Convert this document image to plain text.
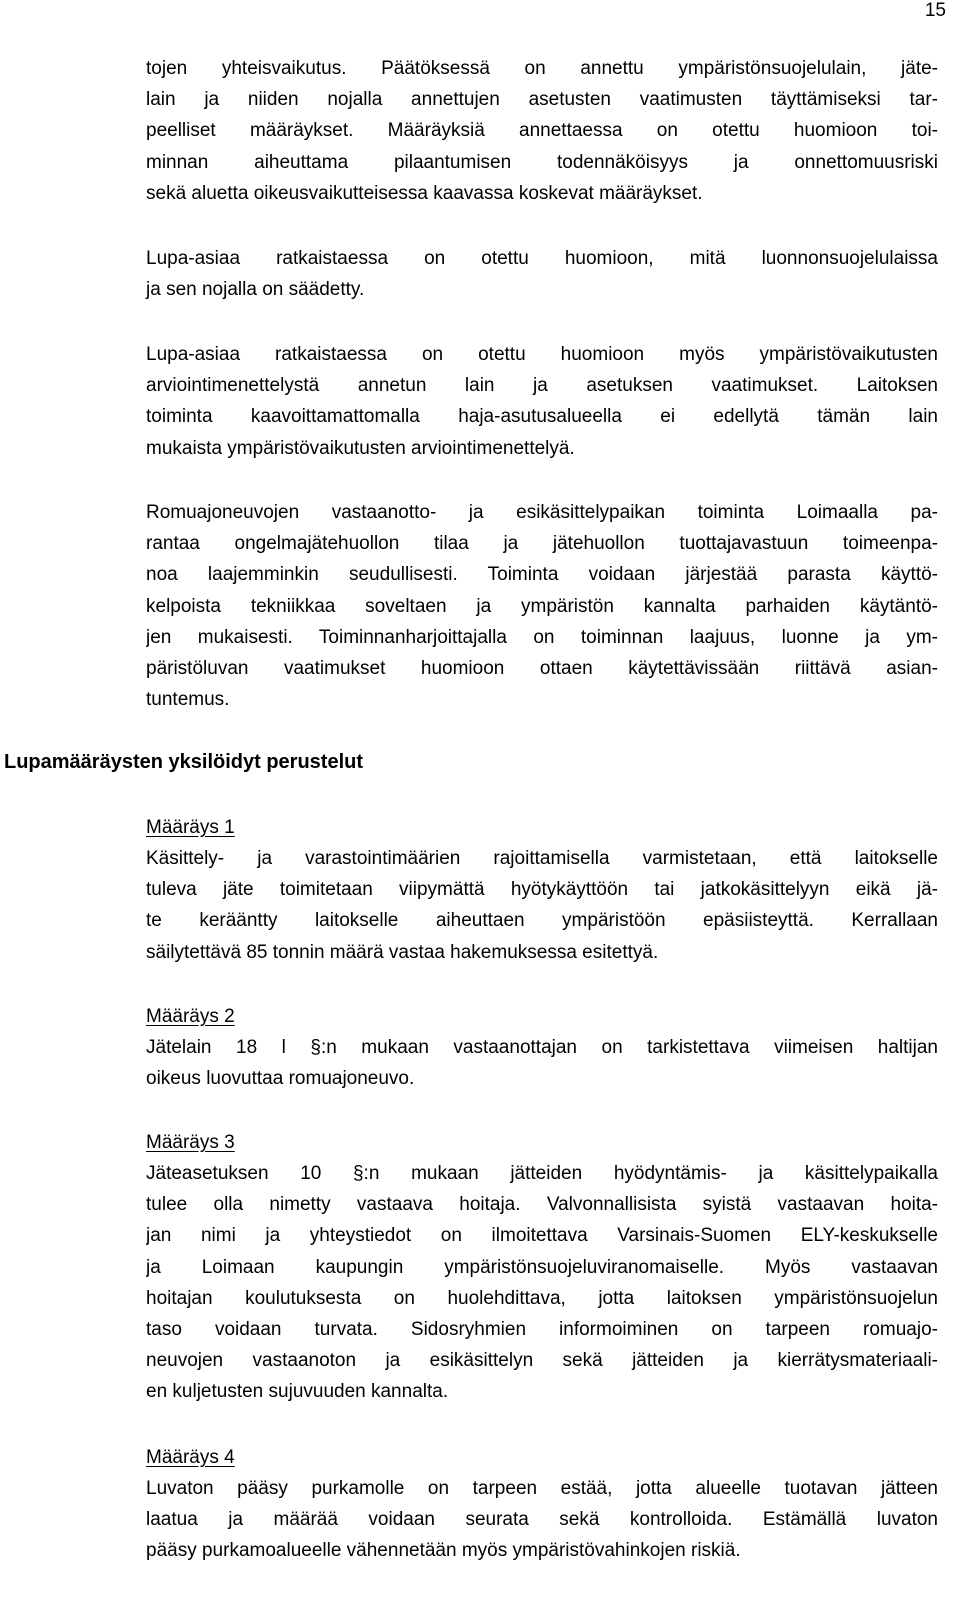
15
tojen yhteisvaikutus. Päätöksessä on annettu ympäristönsuojelulain, jäte-
lain ja niiden nojalla annettujen asetusten vaatimusten täyttämiseksi tar-
peelliset määräykset. Määräyksiä annettaessa on otettu huomioon toi-
minnan aiheuttama pilaantumisen todennäköisyys ja onnettomuusriski
sekä aluetta oikeusvaikutteisessa kaavassa koskevat määräykset.
Lupa-asiaa ratkaistaessa on otettu huomioon, mitä luonnonsuojelulaissa
ja sen nojalla on säädetty.
Lupa-asiaa ratkaistaessa on otettu huomioon myös ympäristövaikutusten
arviointimenettelystä annetun lain ja asetuksen vaatimukset. Laitoksen
toiminta kaavoittamattomalla haja-asutusalueella ei edellytä tämän lain
mukaista ympäristövaikutusten arviointimenettelyä.
Romuajoneuvojen vastaanotto- ja esikäsittelypaikan toiminta Loimaalla pa-
rantaa ongelmajätehuollon tilaa ja jätehuollon tuottajavastuun toimeenpa-
noa laajemminkin seudullisesti. Toiminta voidaan järjestää parasta käyttö-
kelpoista tekniikkaa soveltaen ja ympäristön kannalta parhaiden käytäntö-
jen mukaisesti. Toiminnanharjoittajalla on toiminnan laajuus, luonne ja ym-
päristöluvan vaatimukset huomioon ottaen käytettävissään riittävä asian-
tuntemus.
Lupamääräysten yksilöidyt perustelut
Määräys 1
Käsittely- ja varastointimäärien rajoittamisella varmistetaan, että laitokselle
tuleva jäte toimitetaan viipymättä hyötykäyttöön tai jatkokäsittelyyn eikä jä-
te kerääntty laitokselle aiheuttaen ympäristöön epäsiisteyttä. Kerrallaan
säilytettävä 85 tonnin määrä vastaa hakemuksessa esitettyä.
Määräys 2
Jätelain 18 l §:n mukaan vastaanottajan on tarkistettava viimeisen haltijan
oikeus luovuttaa romuajoneuvo.
Määräys 3
Jäteasetuksen 10 §:n mukaan jätteiden hyödyntämis- ja käsittelypaikalla
tulee olla nimetty vastaava hoitaja. Valvonnallisista syistä vastaavan hoita-
jan nimi ja yhteystiedot on ilmoitettava Varsinais-Suomen ELY-keskukselle
ja Loimaan kaupungin ympäristönsuojeluviranomaiselle. Myös vastaavan
hoitajan koulutuksesta on huolehdittava, jotta laitoksen ympäristönsuojelun
taso voidaan turvata. Sidosryhmien informoiminen on tarpeen romuajo-
neuvojen vastaanoton ja esikäsittelyn sekä jätteiden ja kierrätysmateriaali-
en kuljetusten sujuvuuden kannalta.
Määräys 4
Luvaton pääsy purkamolle on tarpeen estää, jotta alueelle tuotavan jätteen
laatua ja määrää voidaan seurata sekä kontrolloida. Estämällä luvaton
pääsy purkamoalueelle vähennetään myös ympäristövahinkojen riskiä.
